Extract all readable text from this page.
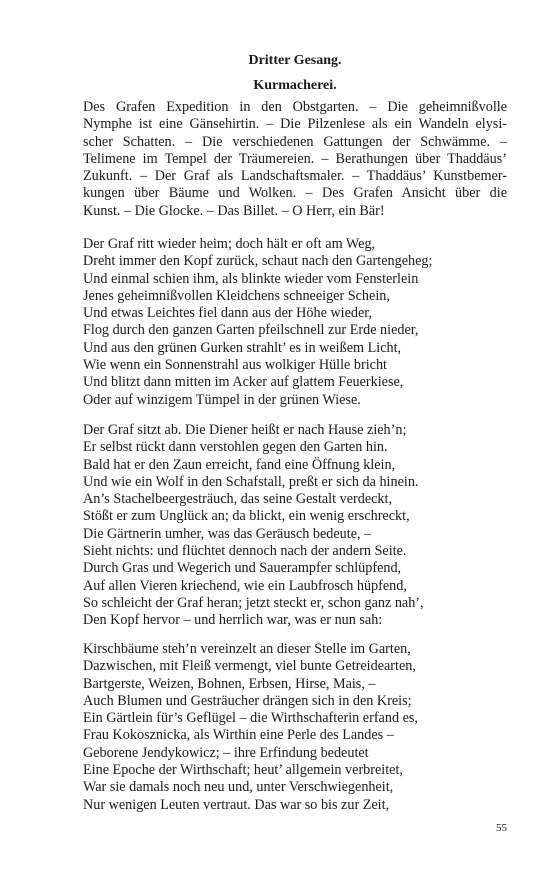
Dritter Gesang.
Kurmacherei.
Des Grafen Expedition in den Obstgarten. – Die geheimnißvolle
Nymphe ist eine Gänsehirtin. – Die Pilzenlese als ein Wandeln elysi-
scher Schatten. – Die verschiedenen Gattungen der Schwämme. –
Telimene im Tempel der Träumereien. – Berathungen über Thaddäus’
Zukunft. – Der Graf als Landschaftsmaler. – Thaddäus’ Kunstbemer-
kungen über Bäume und Wolken. – Des Grafen Ansicht über die
Kunst. – Die Glocke. – Das Billet. – O Herr, ein Bär!
Der Graf ritt wieder heim; doch hält er oft am Weg,
Dreht immer den Kopf zurück, schaut nach den Gartengeheg;
Und einmal schien ihm, als blinkte wieder vom Fensterlein
Jenes geheimnißvollen Kleidchens schneeiger Schein,
Und etwas Leichtes fiel dann aus der Höhe wieder,
Flog durch den ganzen Garten pfeilschnell zur Erde nieder,
Und aus den grünen Gurken strahlt’ es in weißem Licht,
Wie wenn ein Sonnenstrahl aus wolkiger Hülle bricht
Und blitzt dann mitten im Acker auf glattem Feuerkiese,
Oder auf winzigem Tümpel in der grünen Wiese.
Der Graf sitzt ab. Die Diener heißt er nach Hause zieh’n;
Er selbst rückt dann verstohlen gegen den Garten hin.
Bald hat er den Zaun erreicht, fand eine Öffnung klein,
Und wie ein Wolf in den Schafstall, preßt er sich da hinein.
An’s Stachelbeergesträuch, das seine Gestalt verdeckt,
Stößt er zum Unglück an; da blickt, ein wenig erschreckt,
Die Gärtnerin umher, was das Geräusch bedeute, –
Sieht nichts: und flüchtet dennoch nach der andern Seite.
Durch Gras und Wegerich und Sauerampfer schlüpfend,
Auf allen Vieren kriechend, wie ein Laubfrosch hüpfend,
So schleicht der Graf heran; jetzt steckt er, schon ganz nah’,
Den Kopf hervor – und herrlich war, was er nun sah:
Kirschbäume steh’n vereinzelt an dieser Stelle im Garten,
Dazwischen, mit Fleiß vermengt, viel bunte Getreidearten,
Bartgerste, Weizen, Bohnen, Erbsen, Hirse, Mais, –
Auch Blumen und Gesträucher drängen sich in den Kreis;
Ein Gärtlein für’s Geflügel – die Wirthschafterin erfand es,
Frau Kokosznicka, als Wirthin eine Perle des Landes –
Geborene Jendykowicz; – ihre Erfindung bedeutet
Eine Epoche der Wirthschaft; heut’ allgemein verbreitet,
War sie damals noch neu und, unter Verschwiegenheit,
Nur wenigen Leuten vertraut. Das war so bis zur Zeit,
55
